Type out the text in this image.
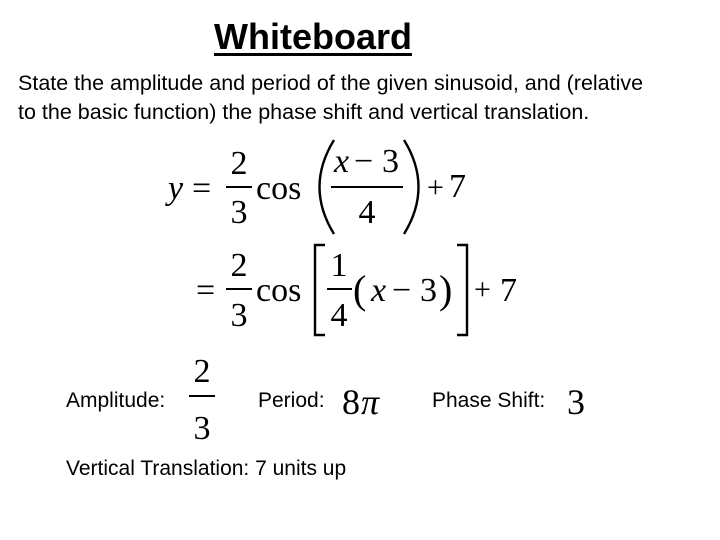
Whiteboard
State the amplitude and period of the given sinusoid, and (relative to the basic function) the phase shift and vertical translation.
y =
2
3
cos
x − 3
4
+ 7
=
2
3
cos
1
4
( x − 3 ) + 7
2
3
8 π	3
Amplitude:	Period:	Phase Shift:
Vertical Translation: 7 units up
